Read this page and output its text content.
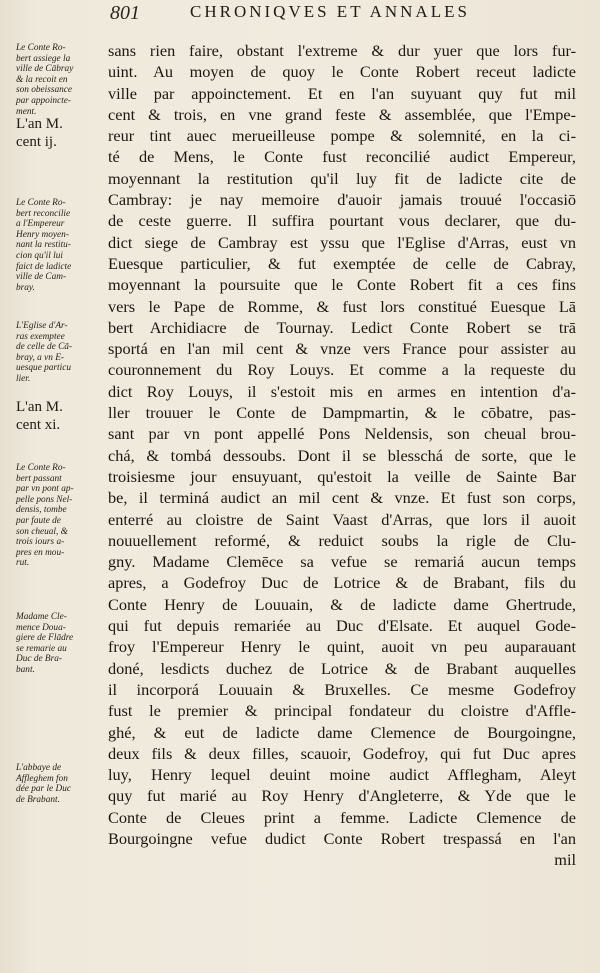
801	CHRONIQVES ET ANNALES
Le Conte Ro-
bert assiege la
ville de Cābray
& la recoit en
son obeissance
par appoincte-
ment.
L'an M.
cent ij.
Le Conte Ro-
bert reconcilie
a l'Empereur
Henry moyen-
nant la restitu-
cion qu'il lui
faict de ladicte
ville de Cam-
bray.
L'Eglise d'Ar-
ras exemptee
de celle de Cā-
bray, a vn E-
uesque particu
lier.
L'an M.
cent xi.
Le Conte Ro-
bert passant
par vn pont ap-
pelle pons Nel-
densis, tombe
par faute de
son cheual, &
trois iours a-
pres en mou-
rut.
Madame Cle-
mence Doua-
giere de Flādre
se remarie au
Duc de Bra-
bant.
L'abbaye de
Affleghem fon
dée par le Duc
de Brabant.
sans rien faire, obstant l'extreme & dur yuer que lors fur-
uint. Au moyen de quoy le Conte Robert receut ladicte
ville par appoinctement. Et en l'an suyuant quy fut mil
cent & trois, en vne grand feste & assemblée, que l'Empe-
reur tint auec merueilleuse pompe & solemnité, en la ci-
té de Mens, le Conte fust reconcilié audict Empereur,
moyennant la restitution qu'il luy fit de ladicte cite de
Cambray: je nay memoire d'auoir jamais trouué l'occasiō
de ceste guerre. Il suffira pourtant vous declarer, que du-
dict siege de Cambray est yssu que l'Eglise d'Arras, eust vn
Euesque particulier, & fut exemptée de celle de Cabray,
moyennant la poursuite que le Conte Robert fit a ces fins
vers le Pape de Romme, & fust lors constitué Euesque Lā
bert Archidiacre de Tournay. Ledict Conte Robert se trā
sportá en l'an mil cent & vnze vers France pour assister au
couronnement du Roy Louys. Et comme a la requeste du
dict Roy Louys, il s'estoit mis en armes en intention d'a-
ller trouuer le Conte de Dampmartin, & le cōbatre, pas-
sant par vn pont appellé Pons Neldensis, son cheual brou-
chá, & tombá dessoubs. Dont il se blesschá de sorte, que le
troisiesme jour ensuyuant, qu'estoit la veille de Sainte Bar
be, il terminá audict an mil cent & vnze. Et fust son corps,
enterré au cloistre de Saint Vaast d'Arras, que lors il auoit
nouuellement reformé, & reduict soubs la rigle de Clu-
gny. Madame Clemēce sa vefue se remariá aucun temps
apres, a Godefroy Duc de Lotrice & de Brabant, fils du
Conte Henry de Louuain, & de ladicte dame Ghertrude,
qui fut depuis remariée au Duc d'Elsate. Et auquel Gode-
froy l'Empereur Henry le quint, auoit vn peu auparauant
doné, lesdicts duchez de Lotrice & de Brabant auquelles
il incorporá Louuain & Bruxelles. Ce mesme Godefroy
fust le premier & principal fondateur du cloistre d'Affle-
ghé, & eut de ladicte dame Clemence de Bourgoingne,
deux fils & deux filles, scauoir, Godefroy, qui fut Duc apres
luy, Henry lequel deuint moine audict Afflegham, Aleyt
quy fut marié au Roy Henry d'Angleterre, & Yde que le
Conte de Cleues print a femme. Ladicte Clemence de
Bourgoingne vefue dudict Conte Robert trespassá en l'an
mil
